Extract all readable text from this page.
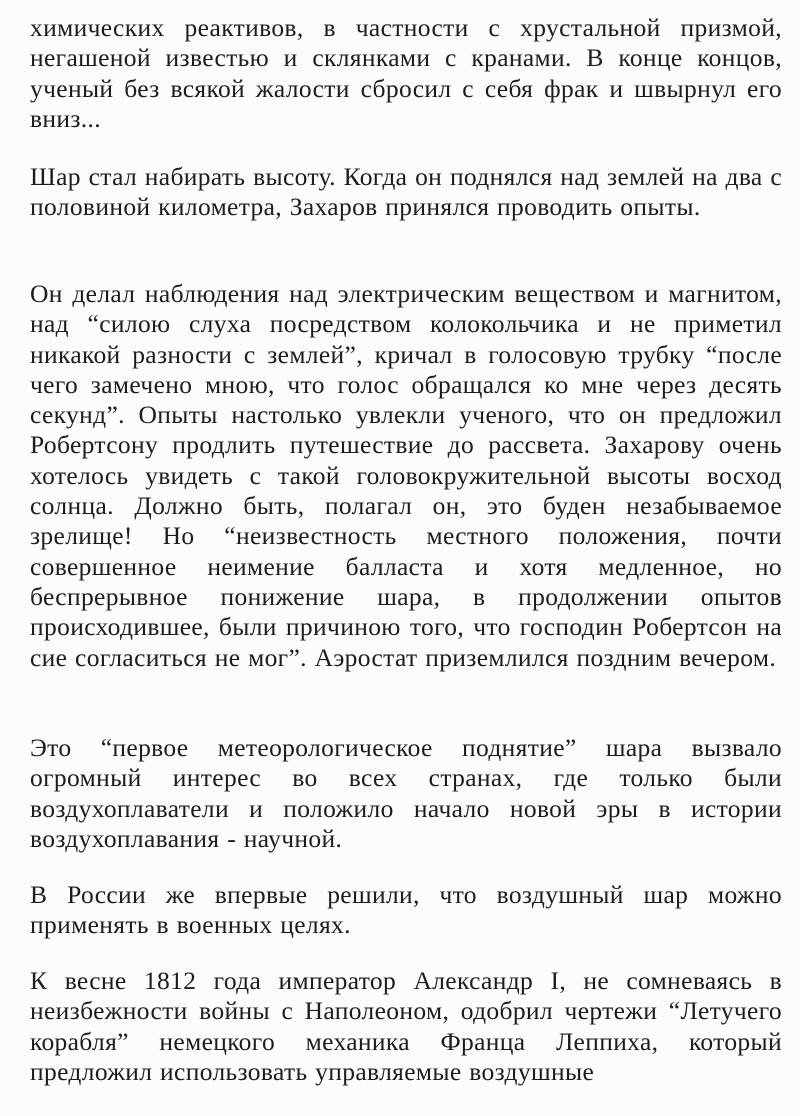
химических реактивов, в частности с хрустальной призмой, негашеной известью и склянками с кранами. В конце концов, ученый без всякой жалости сбросил с себя фрак и швырнул его вниз...

Шар стал набирать высоту. Когда он поднялся над землей на два с половиной километра, Захаров принялся проводить опыты.

Он делал наблюдения над электрическим веществом и магнитом, над “силою слуха посредством колокольчика и не приметил никакой разности с землей”, кричал в голосовую трубку “после чего замечено мною, что голос обращался ко мне через десять секунд”. Опыты настолько увлекли ученого, что он предложил Робертсону продлить путешествие до рассвета. Захарову очень хотелось увидеть с такой головокружительной высоты восход солнца. Должно быть, полагал он, это буден незабываемое зрелище! Но “неизвестность местного положения, почти совершенное неимение балласта и хотя медленное, но беспрерывное понижение шара, в продолжении опытов происходившее, были причиною того, что господин Робертсон на сие согласиться не мог”. Аэростат приземлился поздним вечером.

Это “первое метеорологическое поднятие” шара вызвало огромный интерес во всех странах, где только были воздухоплаватели и положило начало новой эры в истории воздухоплавания - научной.

В России же впервые решили, что воздушный шар можно применять в военных целях.

К весне 1812 года император Александр I, не сомневаясь в неизбежности войны с Наполеоном, одобрил чертежи “Летучего корабля” немецкого механика Франца Леппиха, который предложил использовать управляемые воздушные
